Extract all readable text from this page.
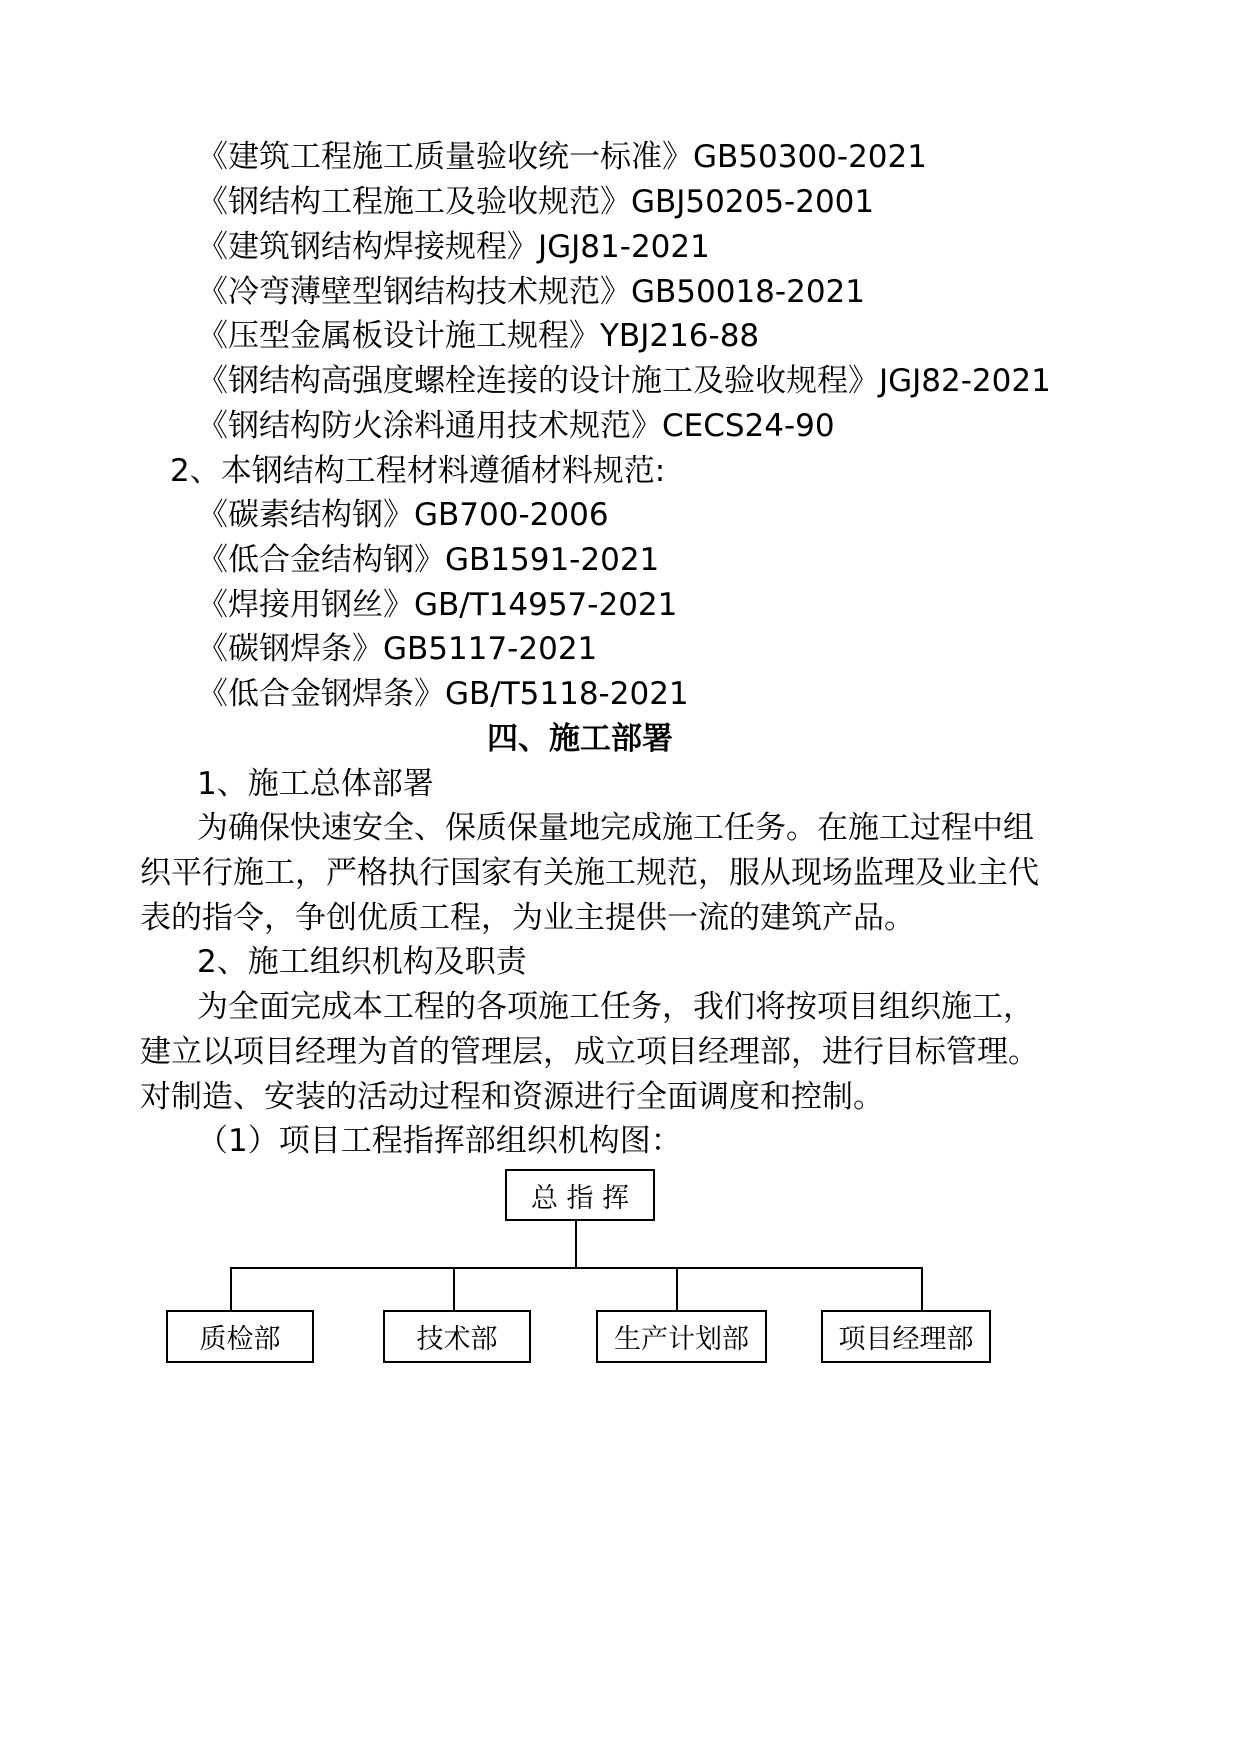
《建筑工程施工质量验收统一标准》GB50300-2021
《钢结构工程施工及验收规范》GBJ50205-2001
《建筑钢结构焊接规程》JGJ81-2021
《冷弯薄壁型钢结构技术规范》GB50018-2021
《压型金属板设计施工规程》YBJ216-88
《钢结构高强度螺栓连接的设计施工及验收规程》JGJ82-2021
《钢结构防火涂料通用技术规范》CECS24-90
2、本钢结构工程材料遵循材料规范:
《碳素结构钢》GB700-2006
《低合金结构钢》GB1591-2021
《焊接用钢丝》GB/T14957-2021
《碳钢焊条》GB5117-2021
《低合金钢焊条》GB/T5118-2021
四、施工部署
1、施工总体部署
为确保快速安全、保质保量地完成施工任务。在施工过程中组
织平行施工，严格执行国家有关施工规范，服从现场监理及业主代
表的指令，争创优质工程，为业主提供一流的建筑产品。
2、施工组织机构及职责
为全面完成本工程的各项施工任务，我们将按项目组织施工，
建立以项目经理为首的管理层，成立项目经理部，进行目标管理。
对制造、安装的活动过程和资源进行全面调度和控制。
（1）项目工程指挥部组织机构图：
总 指 挥
质检部	技术部	生产计划部	项目经理部
